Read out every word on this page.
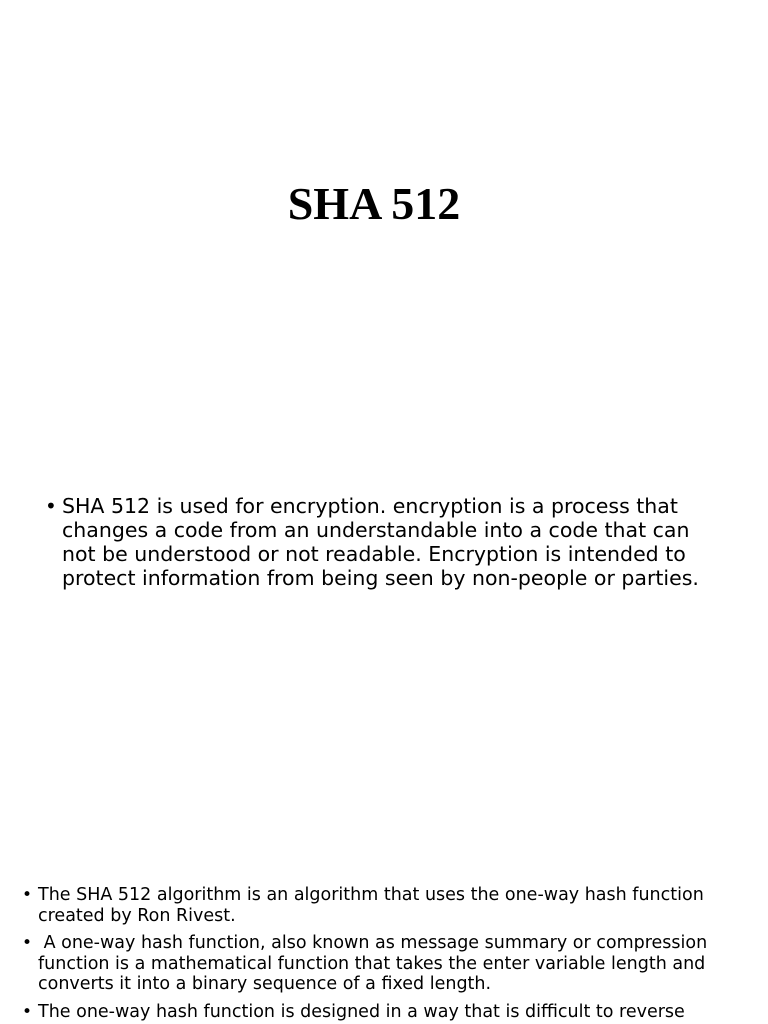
SHA 512
• SHA 512 is used for encryption. encryption is a process that changes a code from an understandable into a code that can not be understood or not readable. Encryption is intended to protect information from being seen by non-people or parties.
• The SHA 512 algorithm is an algorithm that uses the one-way hash function created by Ron Rivest.
•  A one-way hash function, also known as message summary or compression function is a mathematical function that takes the enter variable length and converts it into a binary sequence of a fixed length.
• The one-way hash function is designed in a way that is difficult to reverse
